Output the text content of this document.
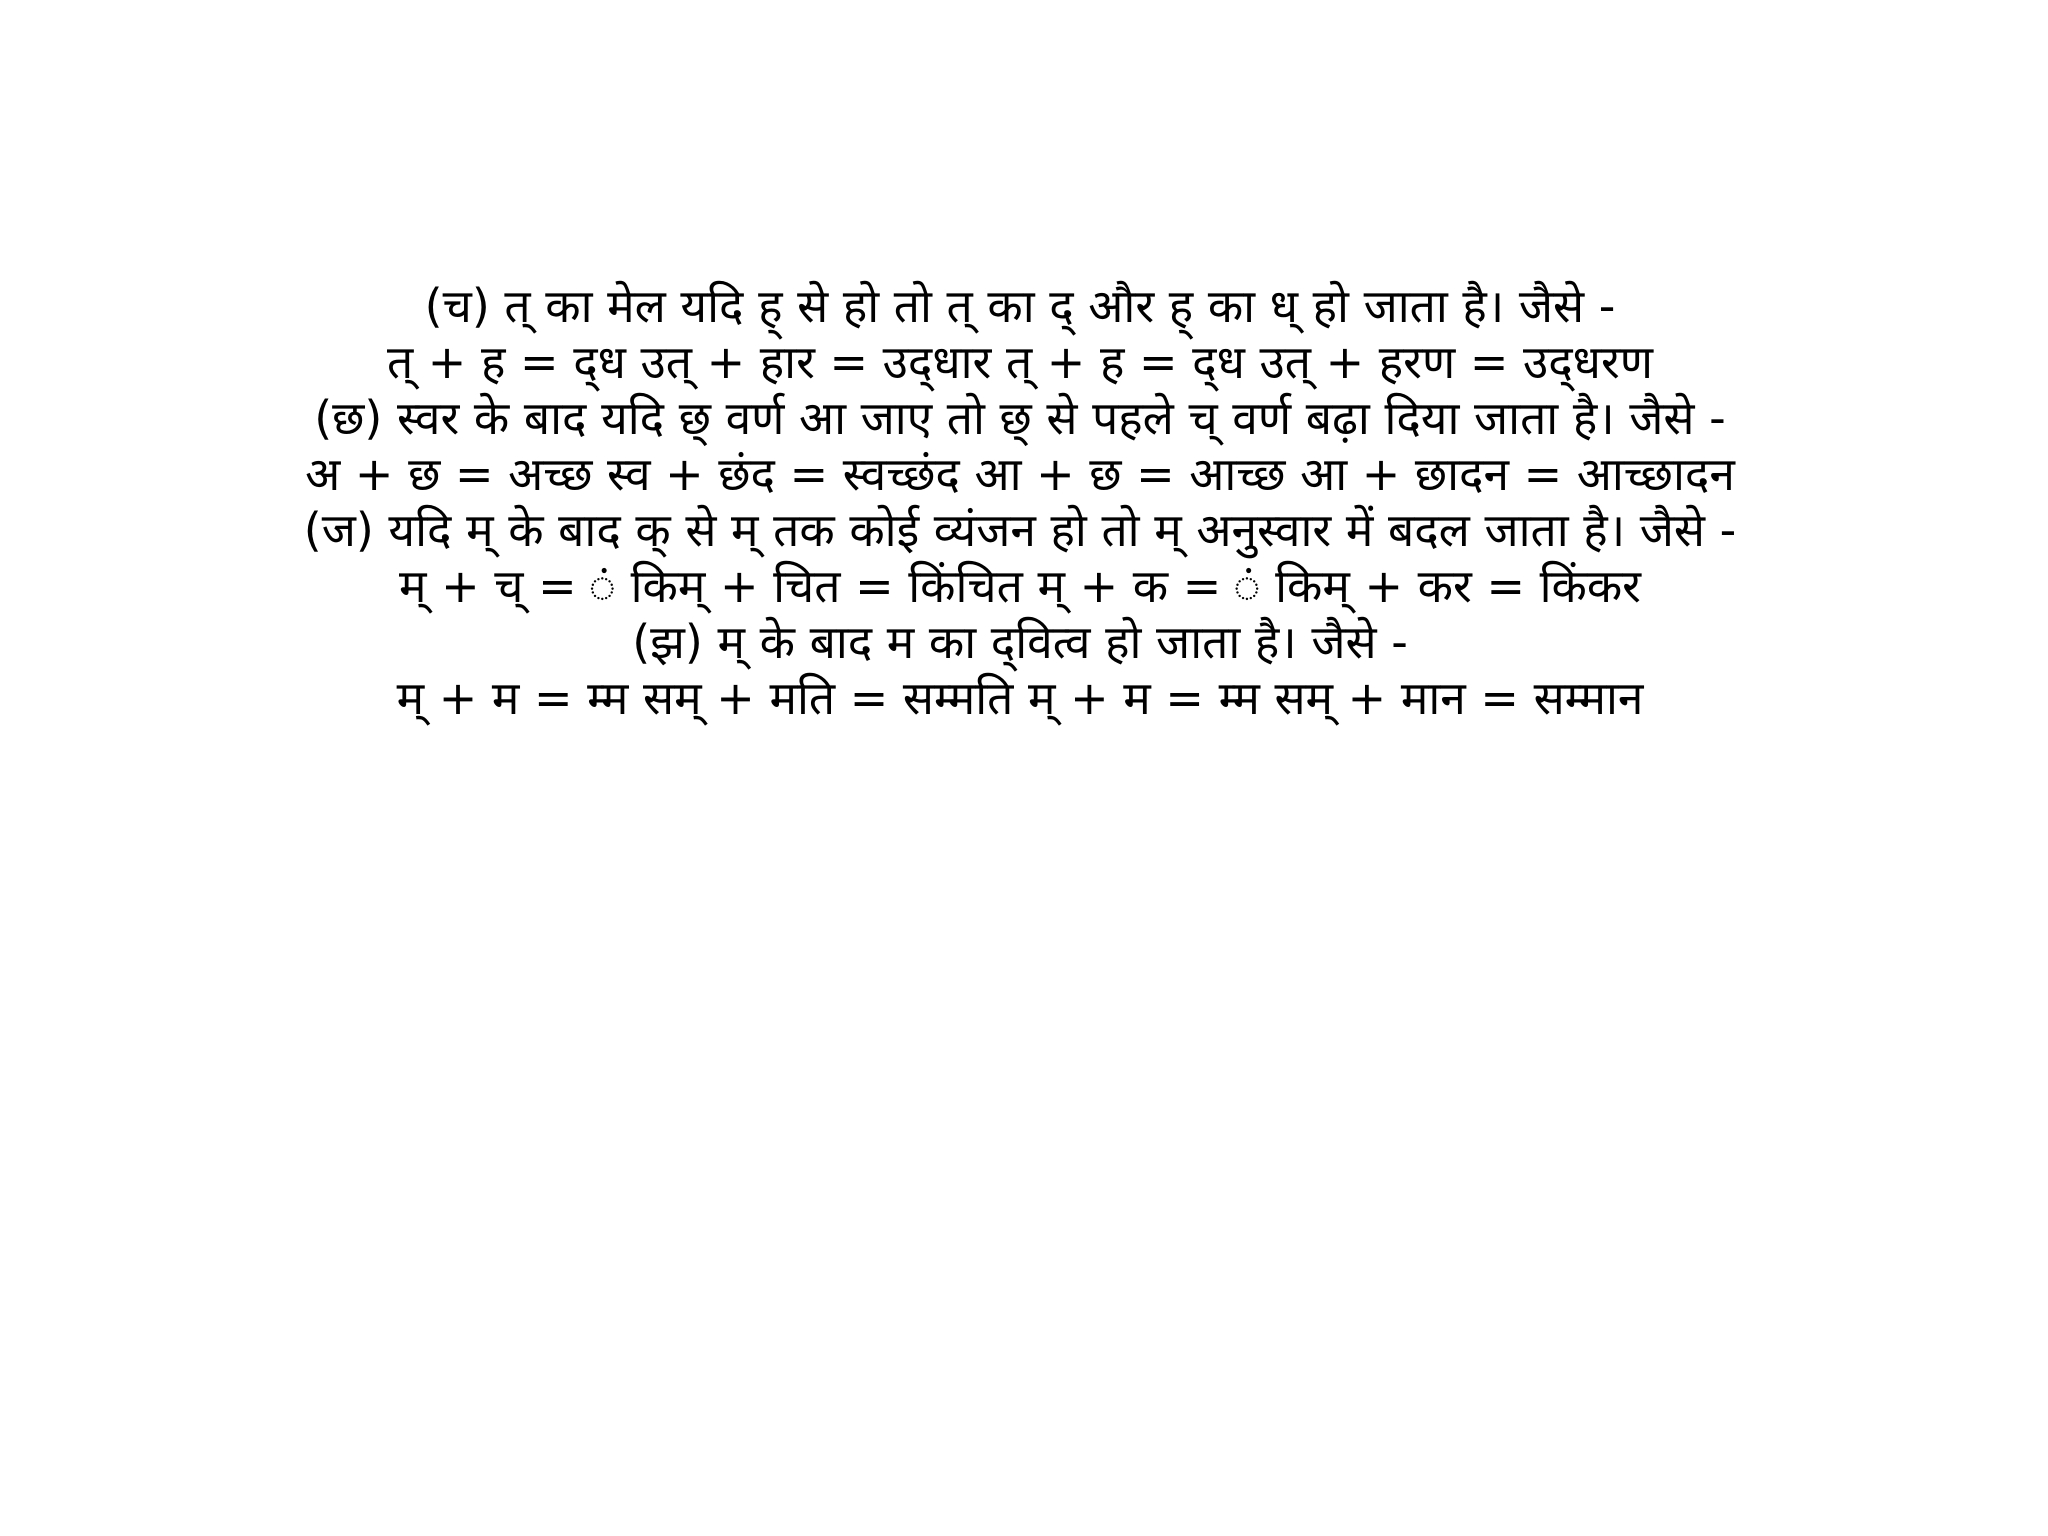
(च) त् का मेल यदि ह् से हो तो त् का द् और ह् का ध् हो जाता है। जैसे -

त् + ह = द्‌ध उत् + हार = उद्‌धार त् + ह = द्‌ध उत् + हरण = उद्‌धरण

(छ) स्वर के बाद यदि छ् वर्ण आ जाए तो छ् से पहले च् वर्ण बढ़ा दिया जाता है। जैसे -

अ + छ = अच्छ स्व + छंद = स्वच्छंद आ + छ = आच्छ आ + छादन = आच्छादन

(ज) यदि म् के बाद क् से म् तक कोई व्यंजन हो तो म् अनुस्वार में बदल जाता है। जैसे -

म् + च् = ं किम् + चित = किंचित म् + क = ं किम् + कर = किंकर

(झ) म् के बाद म का द्‌वित्व हो जाता है। जैसे -

म् + म = म्म सम् + मति = सम्मति म् + म = म्म सम् + मान = सम्मान
